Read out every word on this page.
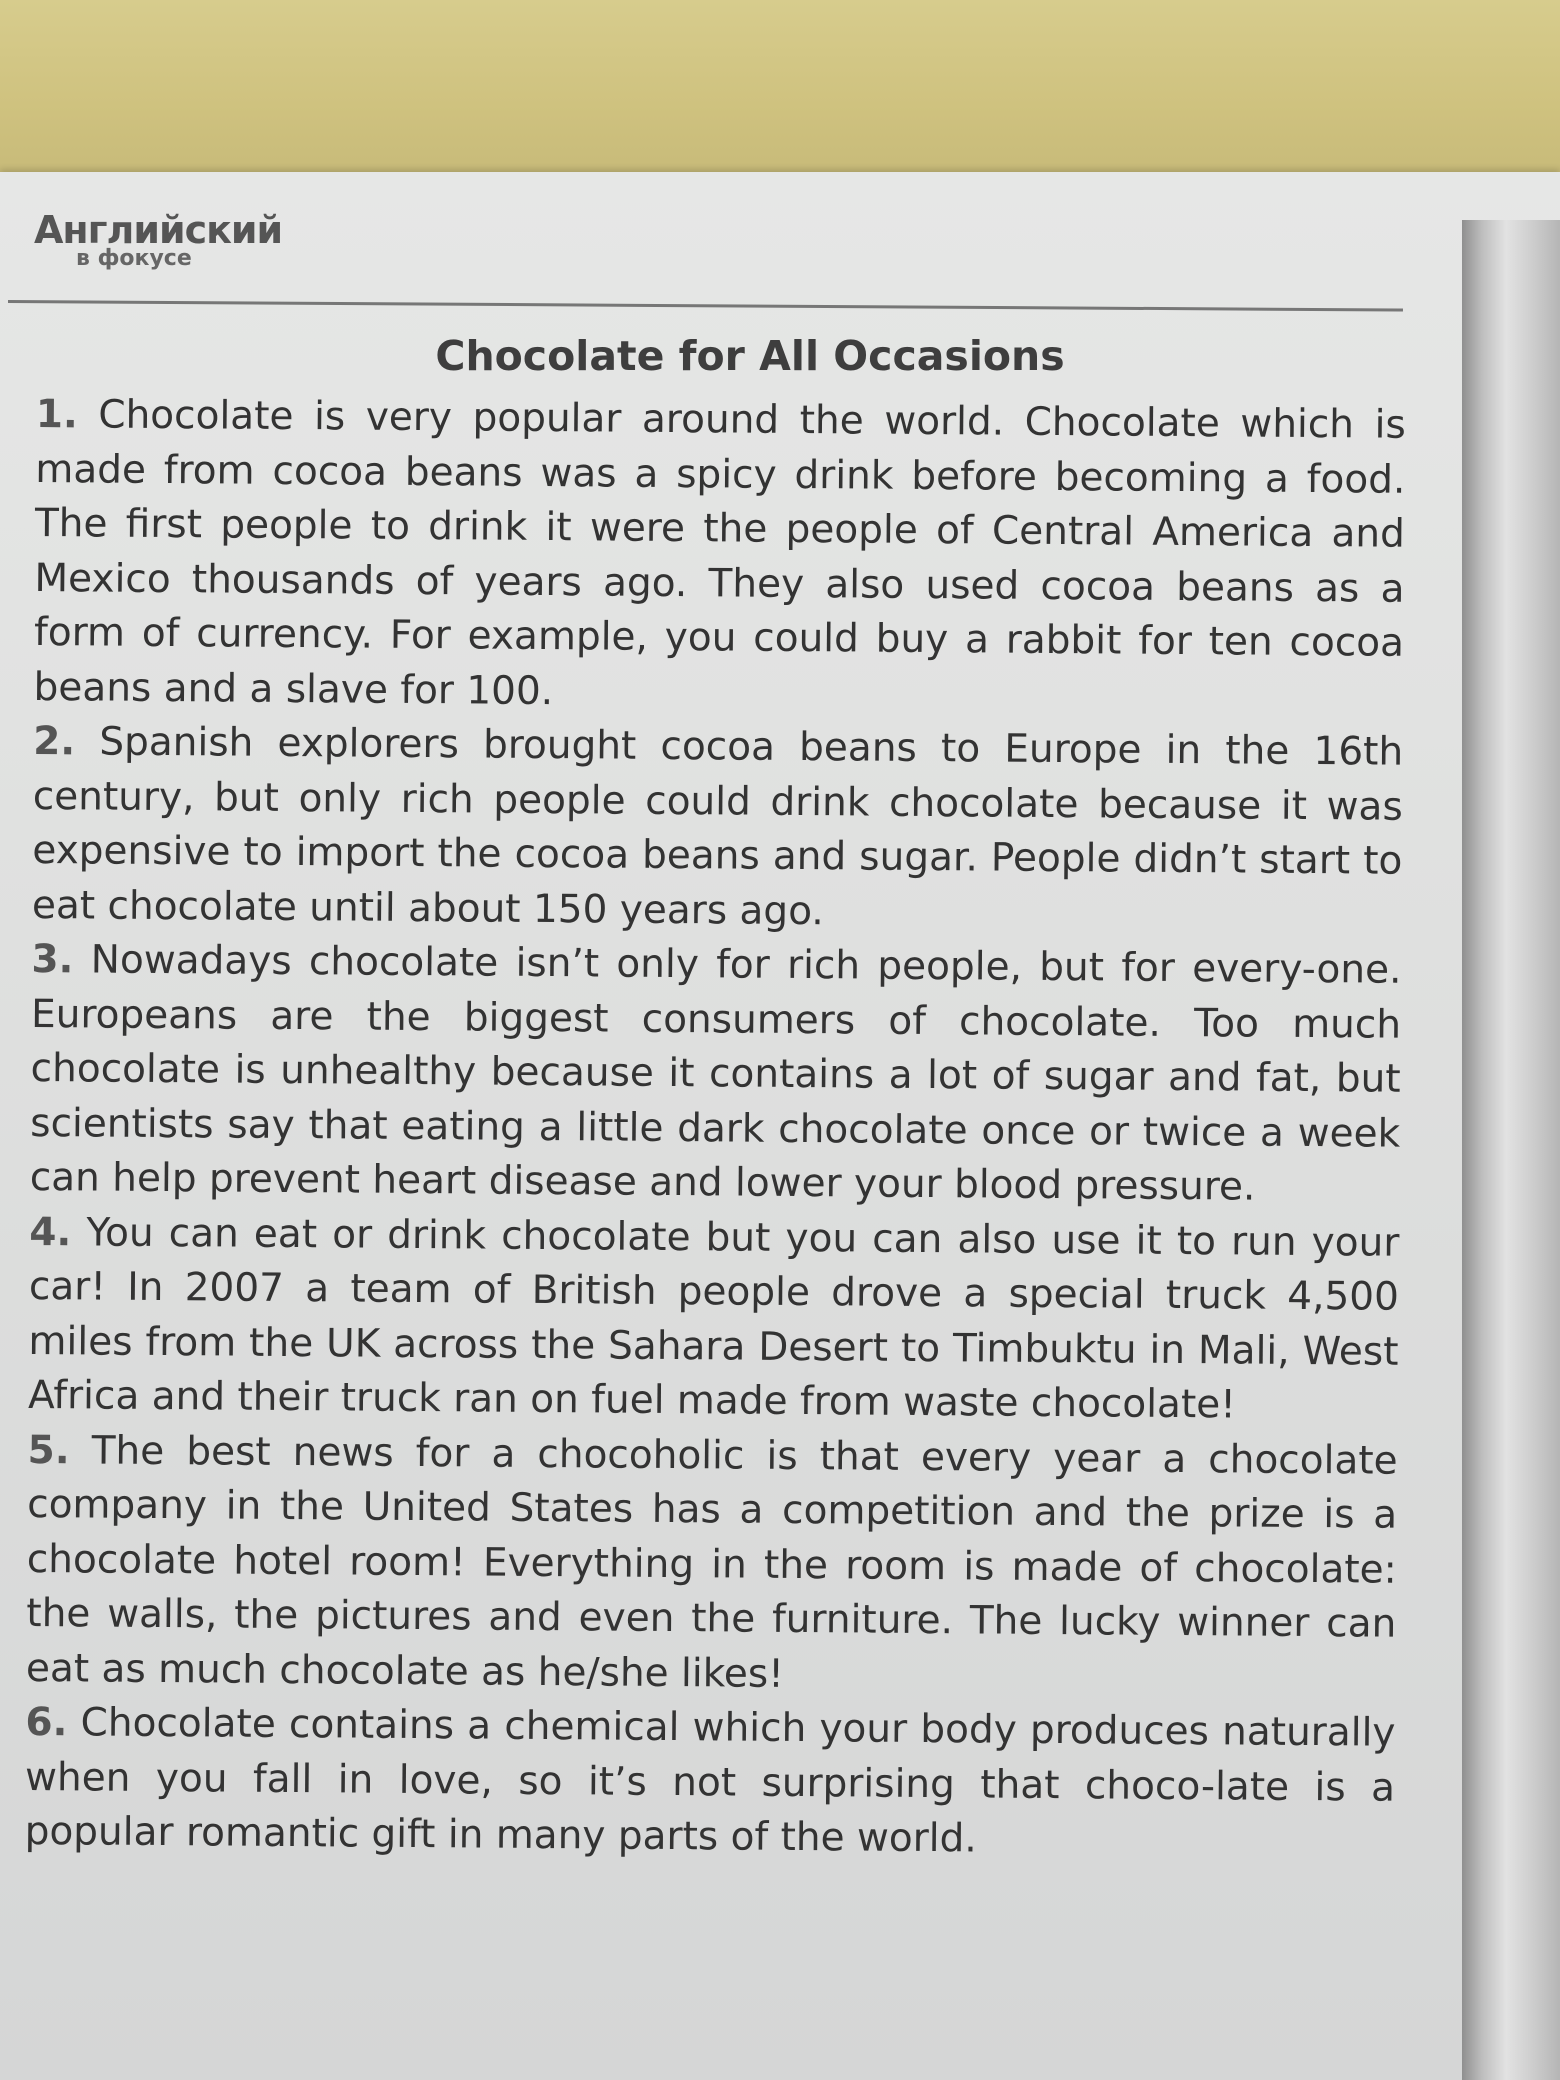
Английский
в фокусе
Chocolate for All Occasions

1. Chocolate is very popular around the world. Chocolate which is made from cocoa beans was a spicy drink before becoming a food. The first people to drink it were the people of Central America and Mexico thousands of years ago. They also used cocoa beans as a form of currency. For example, you could buy a rabbit for ten cocoa beans and a slave for 100.

2. Spanish explorers brought cocoa beans to Europe in the 16th century, but only rich people could drink chocolate because it was expensive to import the cocoa beans and sugar. People didn’t start to eat chocolate until about 150 years ago.

3. Nowadays chocolate isn’t only for rich people, but for every-one. Europeans are the biggest consumers of chocolate. Too much chocolate is unhealthy because it contains a lot of sugar and fat, but scientists say that eating a little dark chocolate once or twice a week can help prevent heart disease and lower your blood pressure.

4. You can eat or drink chocolate but you can also use it to run your car! In 2007 a team of British people drove a special truck 4,500 miles from the UK across the Sahara Desert to Timbuktu in Mali, West Africa and their truck ran on fuel made from waste chocolate!

5. The best news for a chocoholic is that every year a chocolate company in the United States has a competition and the prize is a chocolate hotel room! Everything in the room is made of chocolate: the walls, the pictures and even the furniture. The lucky winner can eat as much chocolate as he/she likes!

6. Chocolate contains a chemical which your body produces naturally when you fall in love, so it’s not surprising that choco-late is a popular romantic gift in many parts of the world.
